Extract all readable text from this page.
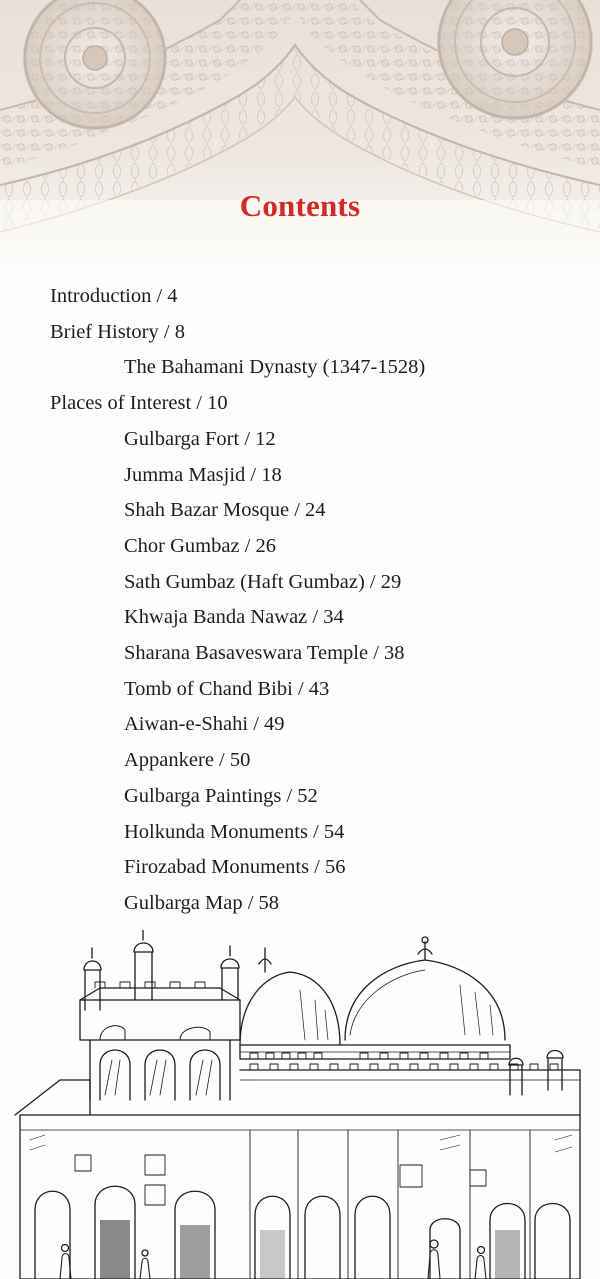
Contents
Introduction / 4
Brief History / 8
The Bahamani Dynasty (1347-1528)
Places of Interest / 10
Gulbarga Fort / 12
Jumma Masjid / 18
Shah Bazar Mosque / 24
Chor Gumbaz / 26
Sath Gumbaz (Haft Gumbaz) / 29
Khwaja Banda Nawaz / 34
Sharana Basaveswara Temple / 38
Tomb of Chand Bibi / 43
Aiwan-e-Shahi / 49
Appankere / 50
Gulbarga Paintings / 52
Holkunda Monuments / 54
Firozabad Monuments / 56
Gulbarga Map / 58
